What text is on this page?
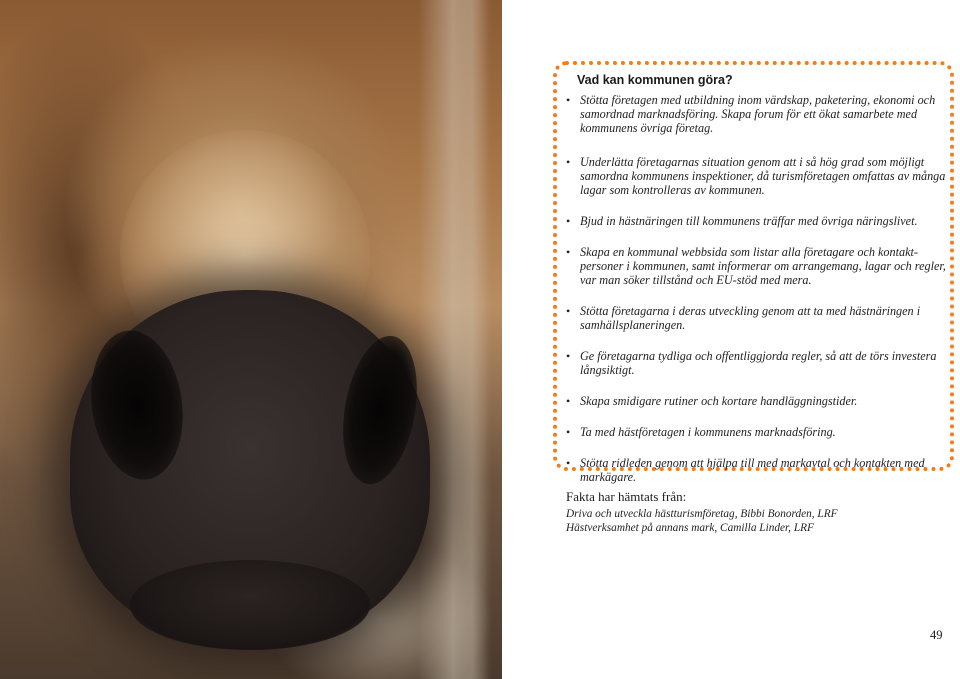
Vad kan kommunen göra?
• Stötta företagen med utbildning inom värdskap, paketering, ekonomi och samordnad marknadsföring. Skapa forum för ett ökat samarbete med kommunens övriga företag.
• Underlätta företagarnas situation genom att i så hög grad som möjligt samordna kommunens inspektioner, då turismföretagen omfattas av många lagar som kontrolleras av kommunen.
• Bjud in hästnäringen till kommunens träffar med övriga näringslivet.
• Skapa en kommunal webbsida som listar alla företagare och kontakt-personer i kommunen, samt informerar om arrangemang, lagar och regler, var man söker tillstånd och EU-stöd med mera.
• Stötta företagarna i deras utveckling genom att ta med hästnäringen i samhällsplaneringen.
• Ge företagarna tydliga och offentliggjorda regler, så att de törs investera långsiktigt.
• Skapa smidigare rutiner och kortare handläggningstider.
• Ta med hästföretagen i kommunens marknadsföring.
• Stötta ridleden genom att hjälpa till med markavtal och kontakten med markägare.
Fakta har hämtats från:
Driva och utveckla hästturismföretag, Bibbi Bonorden, LRF
Hästverksamhet på annans mark, Camilla Linder, LRF
49
